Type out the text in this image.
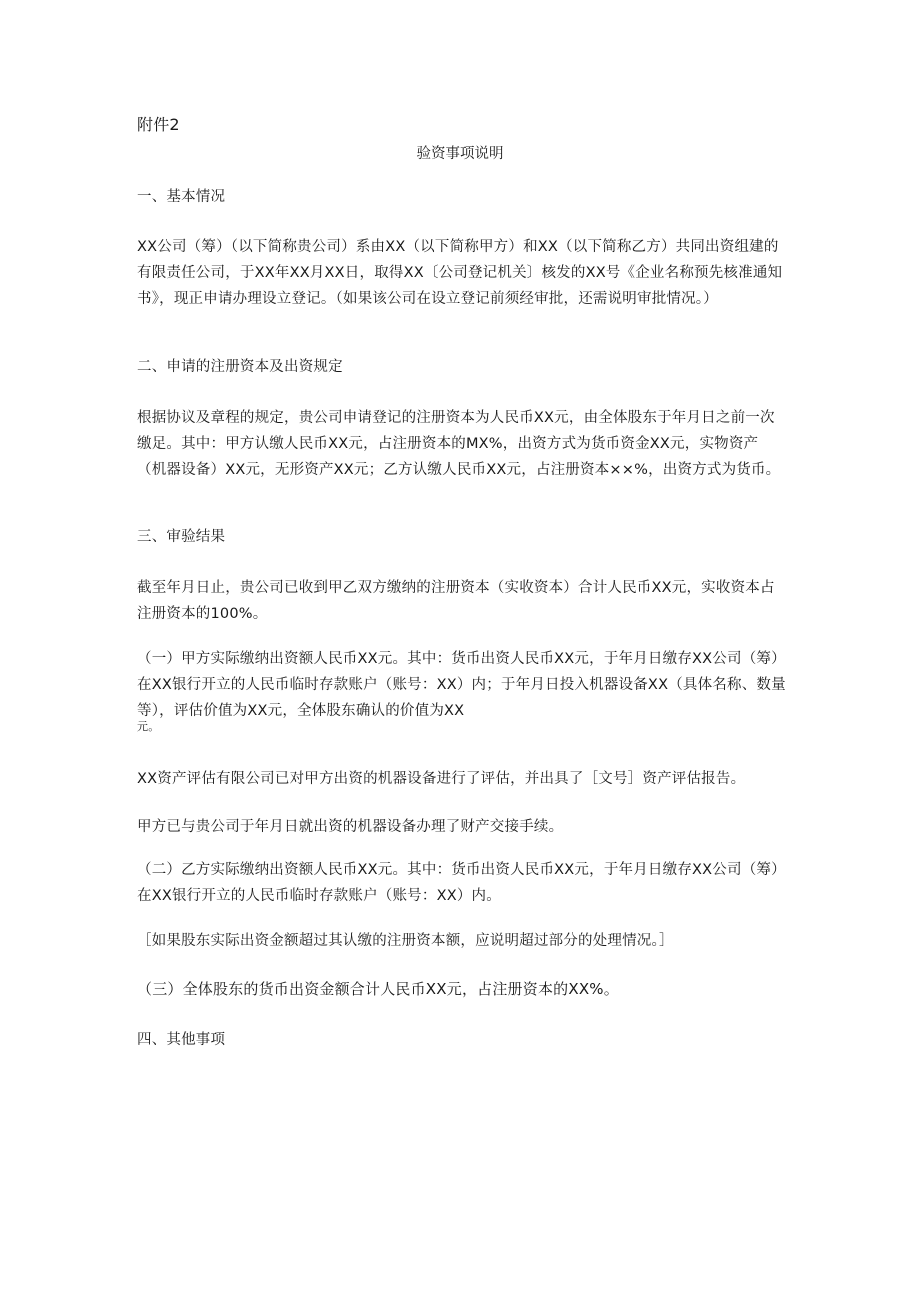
附件2

验资事项说明

一、基本情况

XX公司（筹）（以下简称贵公司）系由XX（以下简称甲方）和XX（以下简称乙方）共同出资组建的有限责任公司，于XX年XX月XX日，取得XX〔公司登记机关〕核发的XX号《企业名称预先核准通知书》，现正申请办理设立登记。（如果该公司在设立登记前须经审批，还需说明审批情况。）

二、申请的注册资本及出资规定

根据协议及章程的规定，贵公司申请登记的注册资本为人民币XX元，由全体股东于年月日之前一次缴足。其中：甲方认缴人民币XX元，占注册资本的MX%，出资方式为货币资金XX元，实物资产（机器设备）XX元，无形资产XX元；乙方认缴人民币XX元，占注册资本××%，出资方式为货币。

三、审验结果

截至年月日止，贵公司已收到甲乙双方缴纳的注册资本（实收资本）合计人民币XX元，实收资本占注册资本的100%。

（一）甲方实际缴纳出资额人民币XX元。其中：货币出资人民币XX元，于年月日缴存XX公司（筹）在XX银行开立的人民币临时存款账户（账号：XX）内；于年月日投入机器设备XX（具体名称、数量等），评估价值为XX元，全体股东确认的价值为XX

元。

XX资产评估有限公司已对甲方出资的机器设备进行了评估，并出具了［文号］资产评估报告。

甲方已与贵公司于年月日就出资的机器设备办理了财产交接手续。

（二）乙方实际缴纳出资额人民币XX元。其中：货币出资人民币XX元，于年月日缴存XX公司（筹）在XX银行开立的人民币临时存款账户（账号：XX）内。

［如果股东实际出资金额超过其认缴的注册资本额，应说明超过部分的处理情况。］

（三）全体股东的货币出资金额合计人民币XX元，占注册资本的XX%。

四、其他事项
